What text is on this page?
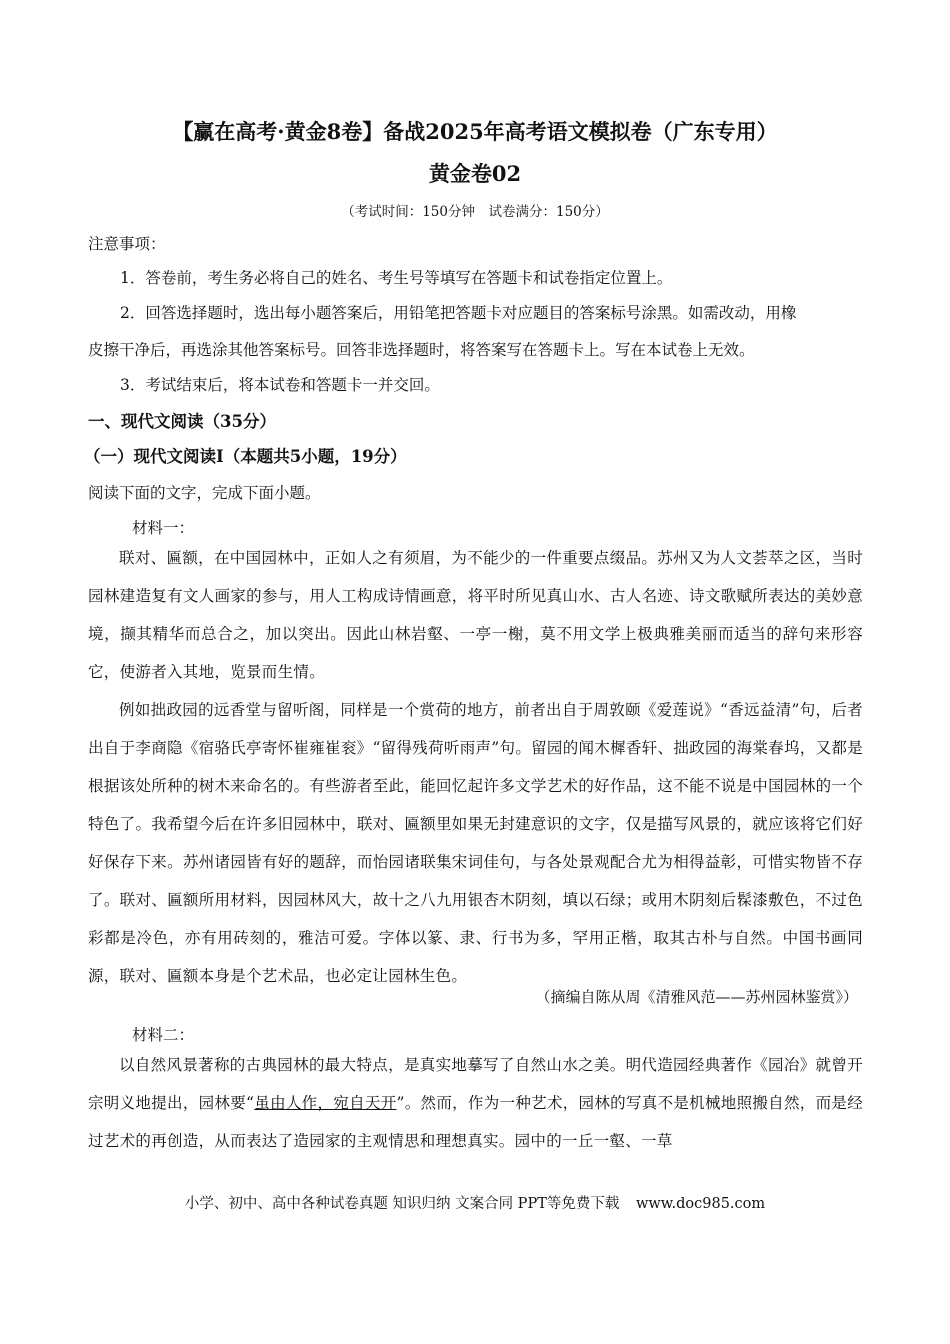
【赢在高考·黄金8卷】备战2025年高考语文模拟卷（广东专用）
黄金卷02
（考试时间：150分钟　试卷满分：150分）
注意事项：
1．答卷前，考生务必将自己的姓名、考生号等填写在答题卡和试卷指定位置上。
2．回答选择题时，选出每小题答案后，用铅笔把答题卡对应题目的答案标号涂黑。如需改动，用橡
皮擦干净后，再选涂其他答案标号。回答非选择题时，将答案写在答题卡上。写在本试卷上无效。
3．考试结束后，将本试卷和答题卡一并交回。
一、现代文阅读（35分）
（一）现代文阅读Ⅰ（本题共5小题，19分）
阅读下面的文字，完成下面小题。
材料一：

联对、匾额，在中国园林中，正如人之有须眉，为不能少的一件重要点缀品。苏州又为人文荟萃之区，当时园林建造复有文人画家的参与，用人工构成诗情画意，将平时所见真山水、古人名迹、诗文歌赋所表达的美妙意境，撷其精华而总合之，加以突出。因此山林岩壑、一亭一榭，莫不用文学上极典雅美丽而适当的辞句来形容它，使游者入其地，览景而生情。

例如拙政园的远香堂与留听阁，同样是一个赏荷的地方，前者出自于周敦颐《爱莲说》“香远益清”句，后者出自于李商隐《宿骆氏亭寄怀崔雍崔衮》“留得残荷听雨声”句。留园的闻木樨香轩、拙政园的海棠春坞，又都是根据该处所种的树木来命名的。有些游者至此，能回忆起许多文学艺术的好作品，这不能不说是中国园林的一个特色了。我希望今后在许多旧园林中，联对、匾额里如果无封建意识的文字，仅是描写风景的，就应该将它们好好保存下来。苏州诸园皆有好的题辞，而怡园诸联集宋词佳句，与各处景观配合尤为相得益彰，可惜实物皆不存了。联对、匾额所用材料，因园林风大，故十之八九用银杏木阴刻，填以石绿；或用木阴刻后髹漆敷色，不过色彩都是冷色，亦有用砖刻的，雅洁可爱。字体以篆、隶、行书为多，罕用正楷，取其古朴与自然。中国书画同源，联对、匾额本身是个艺术品，也必定让园林生色。

（摘编自陈从周《清雅风范——苏州园林鉴赏》）
材料二：

以自然风景著称的古典园林的最大特点，是真实地摹写了自然山水之美。明代造园经典著作《园冶》就曾开宗明义地提出，园林要“虽由人作，宛自天开”。然而，作为一种艺术，园林的写真不是机械地照搬自然，而是经过艺术的再创造，从而表达了造园家的主观情思和理想真实。园中的一丘一壑、一草

小学、初中、高中各种试卷真题 知识归纳 文案合同 PPT等免费下载 www.doc985.com
